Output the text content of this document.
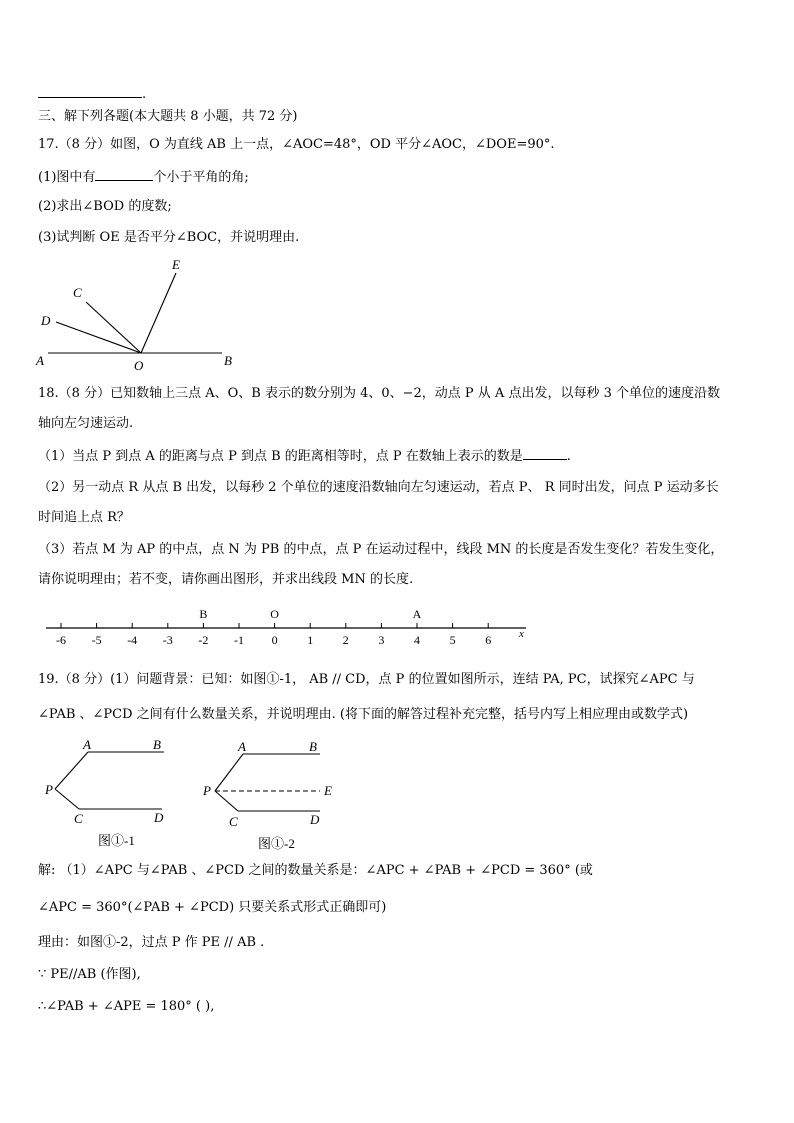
.
三、解下列各题(本大题共 8 小题，共 72 分)
17.（8 分）如图，O 为直线 AB 上一点，∠AOC=48°，OD 平分∠AOC，∠DOE=90°.
(1)图中有	个小于平角的角;
(2)求出∠BOD 的度数;
(3)试判断 OE 是否平分∠BOC，并说明理由.
E
C
D
A	O	B
18.（8 分）已知数轴上三点 A、O、B 表示的数分别为 4、0、−2，动点 P 从 A 点出发，以每秒 3 个单位的速度沿数
轴向左匀速运动.
（1）当点 P 到点 A 的距离与点 P 到点 B 的距离相等时，点 P 在数轴上表示的数是	.
（2）另一动点 R 从点 B 出发，以每秒 2 个单位的速度沿数轴向左匀速运动，若点 P、 R 同时出发，问点 P 运动多长
时间追上点 R？
（3）若点 M 为 AP 的中点，点 N 为 PB 的中点，点 P 在运动过程中，线段 MN 的长度是否发生变化？若发生变化，
请你说明理由；若不变，请你画出图形，并求出线段 MN 的长度.
-6 -5 -4 -3 -2 -1 0 1 2 3 4 5 6	x
B	O	A
19.（8 分）(1）问题背景：已知：如图①-1， AB // CD，点 P 的位置如图所示，连结 PA, PC，试探究∠APC 与
∠PAB 、∠PCD 之间有什么数量关系，并说明理由. (将下面的解答过程补充完整，括号内写上相应理由或数学式)
A	B
P
C	D
图①-1
A	B
P	E
C	D
图①-2
解: （1）∠APC 与∠PAB 、∠PCD 之间的数量关系是：∠APC + ∠PAB + ∠PCD = 360° (或
∠APC = 360°(∠PAB + ∠PCD) 只要关系式形式正确即可)
理由：如图①-2，过点 P 作 PE // AB .
∵ PE//AB (作图),
∴∠PAB + ∠APE = 180° ( ),
